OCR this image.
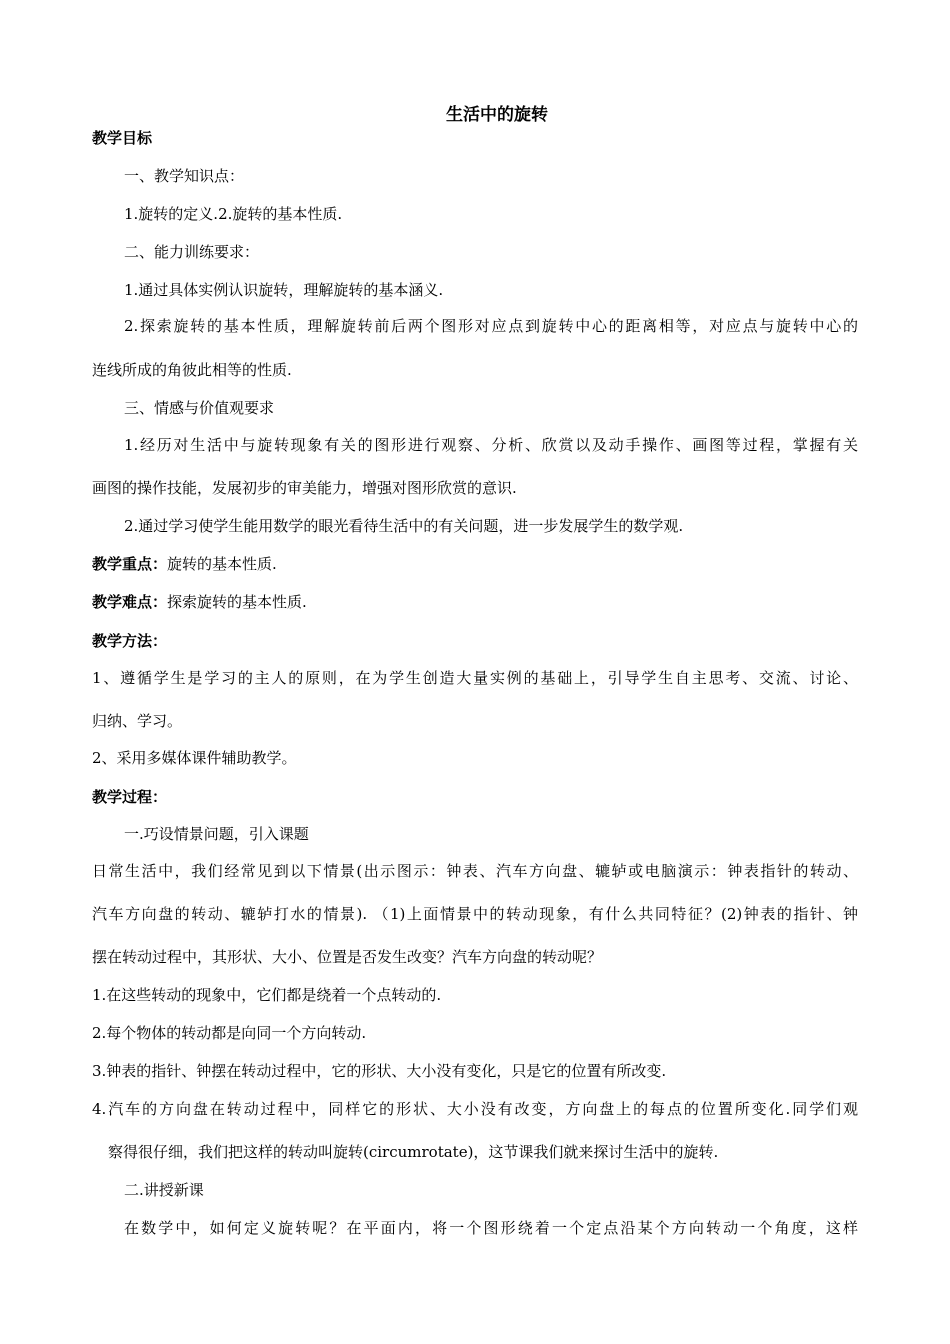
生活中的旋转
教学目标
一、教学知识点：
1.旋转的定义.2.旋转的基本性质.
二、能力训练要求：
1.通过具体实例认识旋转，理解旋转的基本涵义.
2.探索旋转的基本性质，理解旋转前后两个图形对应点到旋转中心的距离相等，对应点与旋转中心的
连线所成的角彼此相等的性质.
三、情感与价值观要求
1.经历对生活中与旋转现象有关的图形进行观察、分析、欣赏以及动手操作、画图等过程，掌握有关
画图的操作技能，发展初步的审美能力，增强对图形欣赏的意识.
2.通过学习使学生能用数学的眼光看待生活中的有关问题，进一步发展学生的数学观.
教学重点：旋转的基本性质.
教学难点：探索旋转的基本性质.
教学方法：
1、遵循学生是学习的主人的原则，在为学生创造大量实例的基础上，引导学生自主思考、交流、讨论、
归纳、学习。
2、采用多媒体课件辅助教学。
教学过程：
一.巧设情景问题，引入课题
日常生活中，我们经常见到以下情景(出示图示：钟表、汽车方向盘、辘轳或电脑演示：钟表指针的转动、
汽车方向盘的转动、辘轳打水的情景). （1)上面情景中的转动现象，有什么共同特征？(2)钟表的指针、钟
摆在转动过程中，其形状、大小、位置是否发生改变？汽车方向盘的转动呢？
1.在这些转动的现象中，它们都是绕着一个点转动的.
2.每个物体的转动都是向同一个方向转动.
3.钟表的指针、钟摆在转动过程中，它的形状、大小没有变化，只是它的位置有所改变.
4.汽车的方向盘在转动过程中，同样它的形状、大小没有改变，方向盘上的每点的位置所变化.同学们观
察得很仔细，我们把这样的转动叫旋转(circumrotate)，这节课我们就来探讨生活中的旋转.
二.讲授新课
在数学中，如何定义旋转呢？在平面内，将一个图形绕着一个定点沿某个方向转动一个角度，这样
